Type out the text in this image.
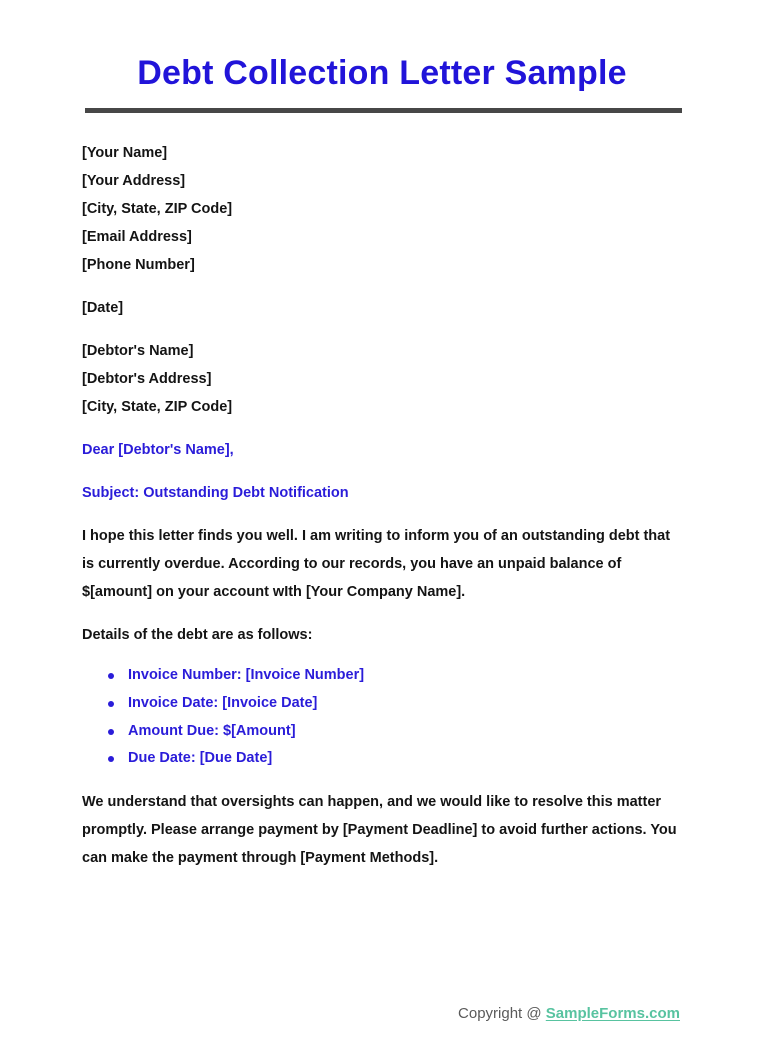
Debt Collection Letter Sample

[Your Name]

[Your Address]

[City, State, ZIP Code]

[Email Address]

[Phone Number]

[Date]

[Debtor's Name]

[Debtor's Address]

[City, State, ZIP Code]

Dear [Debtor's Name],

Subject: Outstanding Debt Notification

I hope this letter finds you well. I am writing to inform you of an outstanding debt that is currently overdue. According to our records, you have an unpaid balance of $[amount] on your account wIth [Your Company Name].

Details of the debt are as follows:

Invoice Number: [Invoice Number]
Invoice Date: [Invoice Date]
Amount Due: $[Amount]
Due Date: [Due Date]

We understand that oversights can happen, and we would like to resolve this matter promptly. Please arrange payment by [Payment Deadline] to avoid further actions. You can make the payment through [Payment Methods].

Copyright @ SampleForms.com
